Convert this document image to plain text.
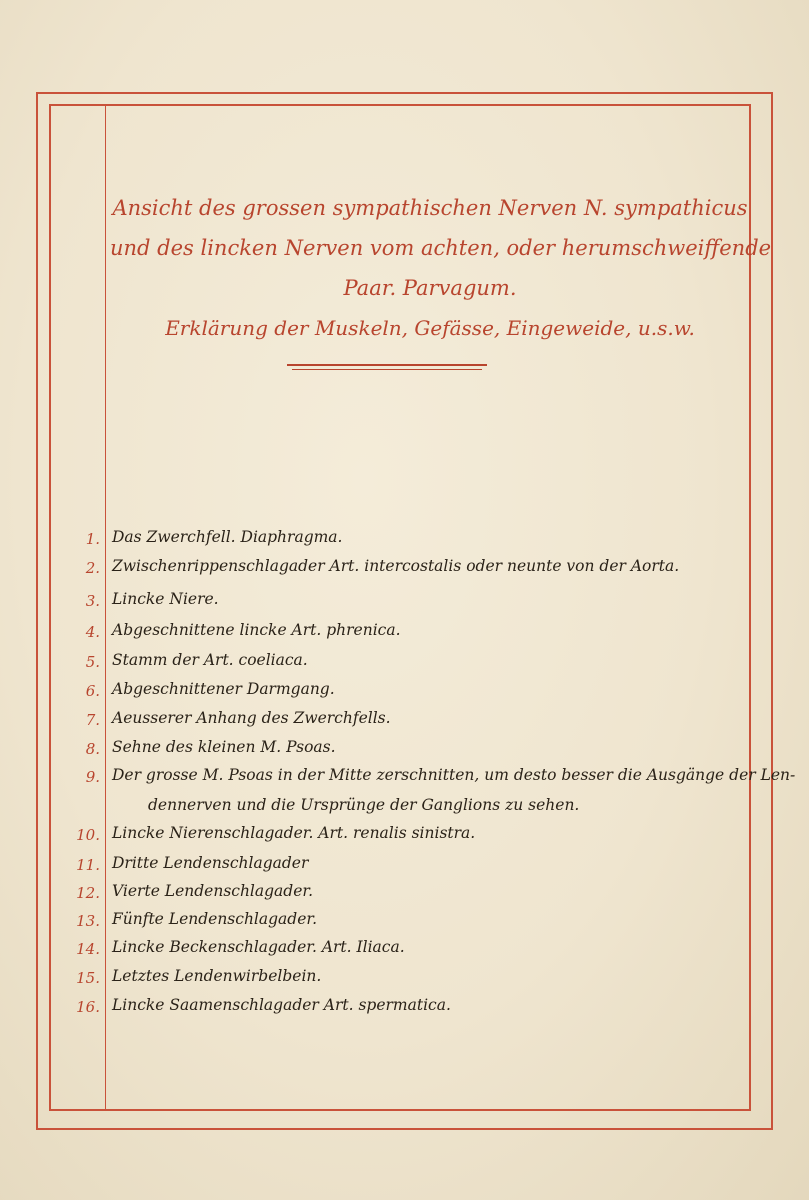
Ansicht des grossen sympathischen Nerven N. sympathicus
und des lincken Nerven vom achten, oder herumschweiffende
Paar. Parvagum.
Erklärung der Muskeln, Gefässe, Eingeweide, u.s.w.
1. Das Zwerchfell. Diaphragma.
2. Zwischenrippenschlagader Art. intercostalis oder neunte von der Aorta.
3. Lincke Niere.
4. Abgeschnittene lincke Art. phrenica.
5. Stamm der Art. coeliaca.
6. Abgeschnittener Darmgang.
7. Aeusserer Anhang des Zwerchfells.
8. Sehne des kleinen M. Psoas.
9. Der grosse M. Psoas in der Mitte zerschnitten, um desto besser die Ausgänge der Len-
dennerven und die Ursprünge der Ganglions zu sehen.
10. Lincke Nierenschlagader. Art. renalis sinistra.
11. Dritte Lendenschlagader
12. Vierte Lendenschlagader.
13. Fünfte Lendenschlagader.
14. Lincke Beckenschlagader. Art. Iliaca.
15. Letztes Lendenwirbelbein.
16. Lincke Saamenschlagader Art. spermatica.
